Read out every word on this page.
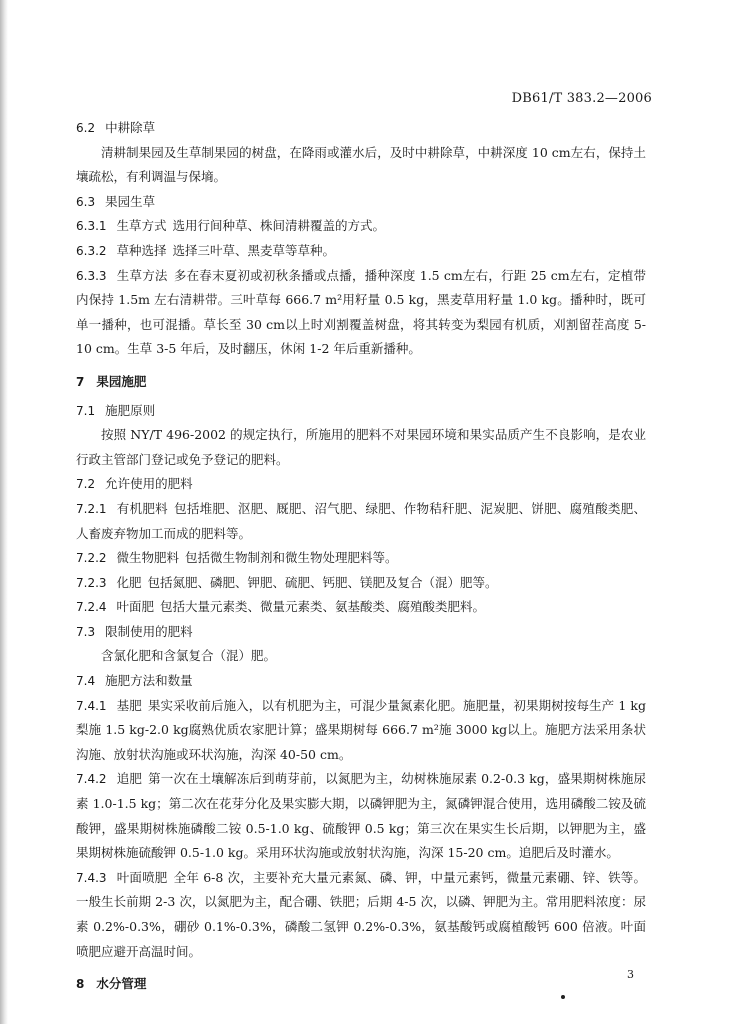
DB61/T 383.2—2006

6.2 中耕除草

清耕制果园及生草制果园的树盘，在降雨或灌水后，及时中耕除草，中耕深度 10 cm左右，保持土壤疏松，有利调温与保墒。

6.3 果园生草

6.3.1 生草方式 选用行间种草、株间清耕覆盖的方式。

6.3.2 草种选择 选择三叶草、黑麦草等草种。

6.3.3 生草方法 多在春末夏初或初秋条播或点播，播种深度 1.5 cm左右，行距 25 cm左右，定植带内保持 1.5m 左右清耕带。三叶草每 666.7 m²用籽量 0.5 kg，黑麦草用籽量 1.0 kg。播种时，既可单一播种，也可混播。草长至 30 cm以上时刈割覆盖树盘，将其转变为梨园有机质，刈割留茬高度 5-10 cm。生草 3-5 年后，及时翻压，休闲 1-2 年后重新播种。

7 果园施肥

7.1 施肥原则

按照 NY/T 496-2002 的规定执行，所施用的肥料不对果园环境和果实品质产生不良影响，是农业行政主管部门登记或免予登记的肥料。

7.2 允许使用的肥料

7.2.1 有机肥料 包括堆肥、沤肥、厩肥、沼气肥、绿肥、作物秸秆肥、泥炭肥、饼肥、腐殖酸类肥、人畜废弃物加工而成的肥料等。

7.2.2 微生物肥料 包括微生物制剂和微生物处理肥料等。

7.2.3 化肥 包括氮肥、磷肥、钾肥、硫肥、钙肥、镁肥及复合（混）肥等。

7.2.4 叶面肥 包括大量元素类、微量元素类、氨基酸类、腐殖酸类肥料。

7.3 限制使用的肥料

含氯化肥和含氯复合（混）肥。

7.4 施肥方法和数量

7.4.1 基肥 果实采收前后施入，以有机肥为主，可混少量氮素化肥。施肥量，初果期树按每生产 1 kg梨施 1.5 kg-2.0 kg腐熟优质农家肥计算；盛果期树每 666.7 m²施 3000 kg以上。施肥方法采用条状沟施、放射状沟施或环状沟施，沟深 40-50 cm。

7.4.2 追肥 第一次在土壤解冻后到萌芽前，以氮肥为主，幼树株施尿素 0.2-0.3 kg，盛果期树株施尿素 1.0-1.5 kg；第二次在花芽分化及果实膨大期，以磷钾肥为主，氮磷钾混合使用，选用磷酸二铵及硫酸钾，盛果期树株施磷酸二铵 0.5-1.0 kg、硫酸钾 0.5 kg；第三次在果实生长后期，以钾肥为主，盛果期树株施硫酸钾 0.5-1.0 kg。采用环状沟施或放射状沟施，沟深 15-20 cm。追肥后及时灌水。

7.4.3 叶面喷肥 全年 6-8 次，主要补充大量元素氮、磷、钾，中量元素钙，微量元素硼、锌、铁等。一般生长前期 2-3 次，以氮肥为主，配合硼、铁肥；后期 4-5 次，以磷、钾肥为主。常用肥料浓度：尿素 0.2%-0.3%，硼砂 0.1%-0.3%，磷酸二氢钾 0.2%-0.3%，氨基酸钙或腐植酸钙 600 倍液。叶面喷肥应避开高温时间。

8 水分管理

3
